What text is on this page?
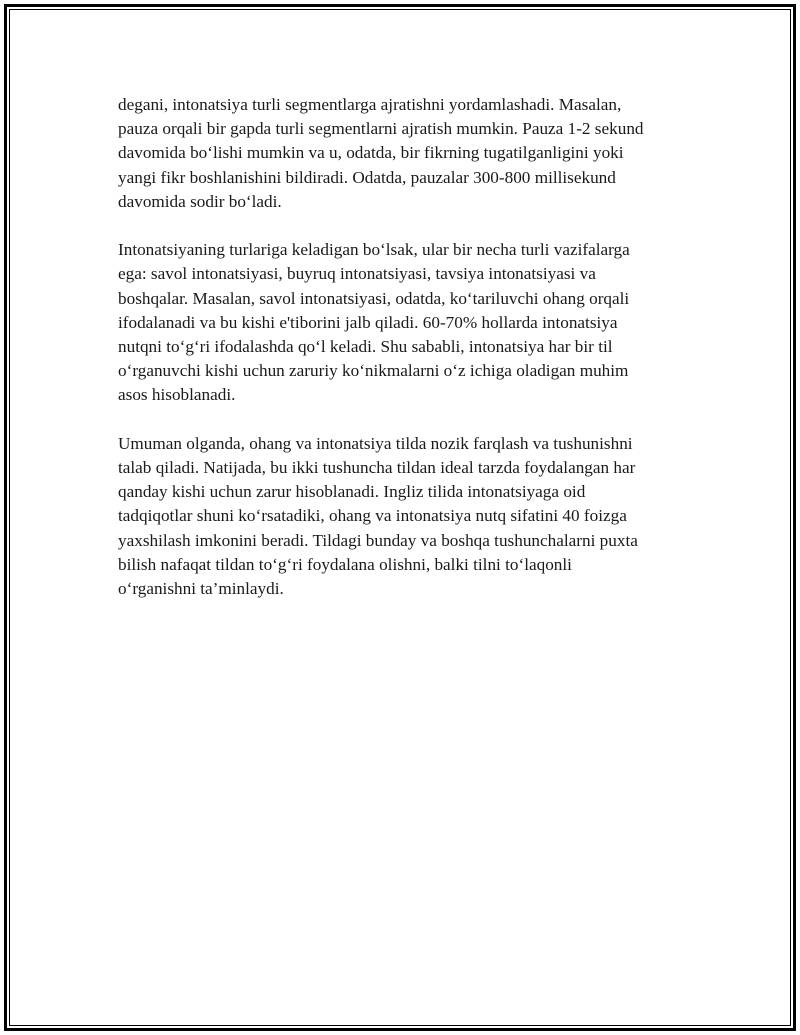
degani, intonatsiya turli segmentlarga ajratishni yordamlashadi. Masalan,
pauza orqali bir gapda turli segmentlarni ajratish mumkin. Pauza 1-2 sekund
davomida bo‘lishi mumkin va u, odatda, bir fikrning tugatilganligini yoki
yangi fikr boshlanishini bildiradi. Odatda, pauzalar 300-800 millisekund
davomida sodir bo‘ladi.

Intonatsiyaning turlariga keladigan bo‘lsak, ular bir necha turli vazifalarga
ega: savol intonatsiyasi, buyruq intonatsiyasi, tavsiya intonatsiyasi va
boshqalar. Masalan, savol intonatsiyasi, odatda, ko‘tariluvchi ohang orqali
ifodalanadi va bu kishi e'tiborini jalb qiladi. 60-70% hollarda intonatsiya
nutqni to‘g‘ri ifodalashda qo‘l keladi. Shu sababli, intonatsiya har bir til
o‘rganuvchi kishi uchun zaruriy ko‘nikmalarni o‘z ichiga oladigan muhim
asos hisoblanadi.

Umuman olganda, ohang va intonatsiya tilda nozik farqlash va tushunishni
talab qiladi. Natijada, bu ikki tushuncha tildan ideal tarzda foydalangan har
qanday kishi uchun zarur hisoblanadi. Ingliz tilida intonatsiyaga oid
tadqiqotlar shuni ko‘rsatadiki, ohang va intonatsiya nutq sifatini 40 foizga
yaxshilash imkonini beradi. Tildagi bunday va boshqa tushunchalarni puxta
bilish nafaqat tildan to‘g‘ri foydalana olishni, balki tilni to‘laqonli
o‘rganishni ta’minlaydi.
